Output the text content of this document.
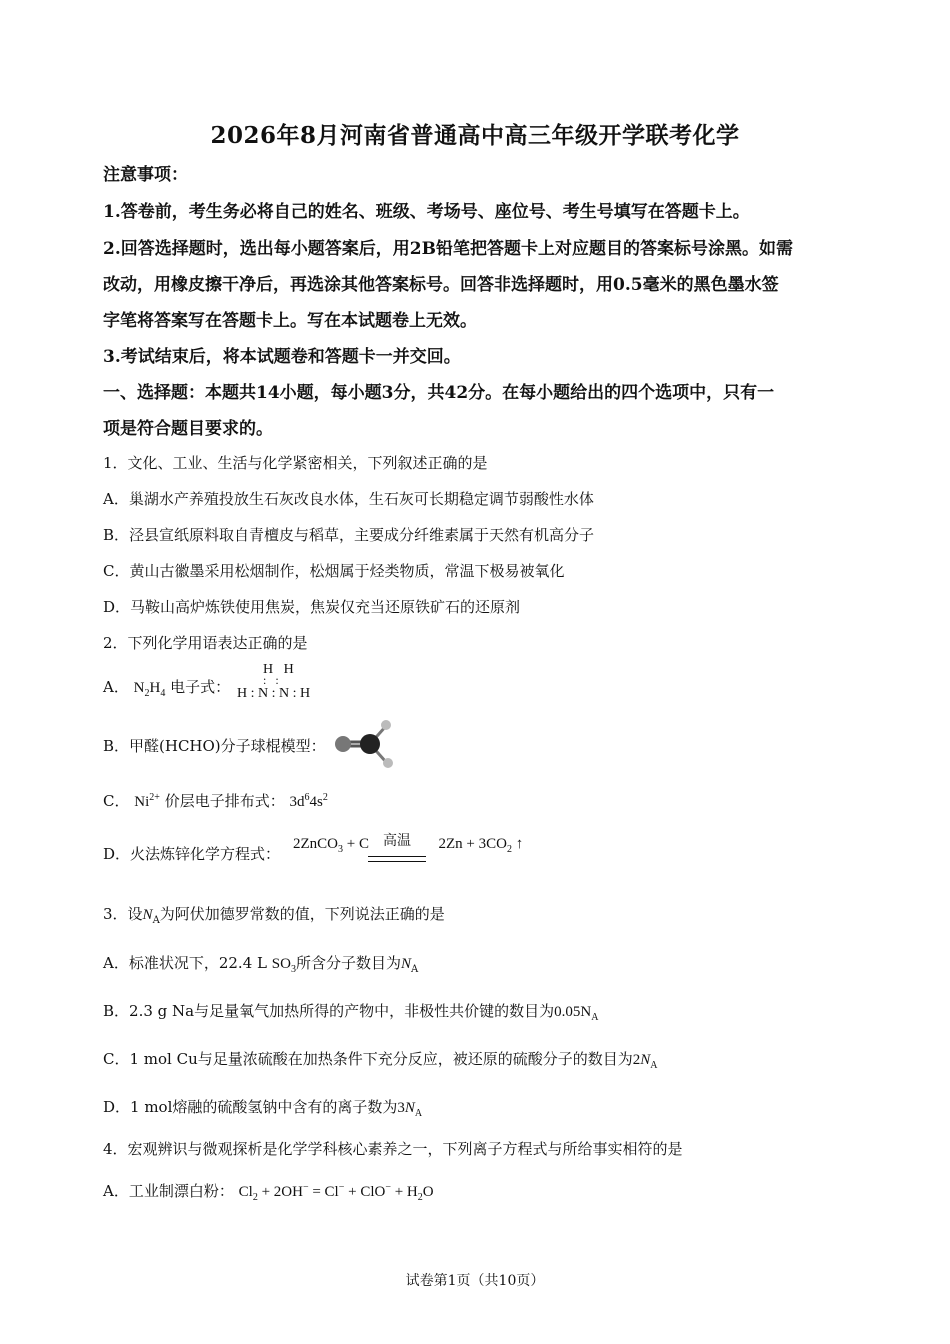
2026年8月河南省普通高中高三年级开学联考化学
注意事项：
1.答卷前，考生务必将自己的姓名、班级、考场号、座位号、考生号填写在答题卡上。
2.回答选择题时，选出每小题答案后，用2B铅笔把答题卡上对应题目的答案标号涂黑。如需
改动，用橡皮擦干净后，再选涂其他答案标号。回答非选择题时，用0.5毫米的黑色墨水签
字笔将答案写在答题卡上。写在本试题卷上无效。
3.考试结束后，将本试题卷和答题卡一并交回。
一、选择题：本题共14小题，每小题3分，共42分。在每小题给出的四个选项中，只有一
项是符合题目要求的。
1．文化、工业、生活与化学紧密相关，下列叙述正确的是
A．巢湖水产养殖投放生石灰改良水体，生石灰可长期稳定调节弱酸性水体
B．泾县宣纸原料取自青檀皮与稻草，主要成分纤维素属于天然有机高分子
C．黄山古徽墨采用松烟制作，松烟属于烃类物质，常温下极易被氧化
D．马鞍山高炉炼铁使用焦炭，焦炭仅充当还原铁矿石的还原剂
2．下列化学用语表达正确的是
A． $N_2H_4$ 电子式：
H   H
:   :
H : N : N : H
B．甲醛(HCHO)分子球棍模型：
C． $Ni^{2+}$ 价层电子排布式： $3d^64s^2$
D．火法炼锌化学方程式：
2ZnCO$_3$ + C	$2Zn + 3CO_2$ ↑
高温
3．设$N_A$为阿伏加德罗常数的值，下列说法正确的是
A．标准状况下，22.4 L $SO_3$所含分子数目为$N_A$
B．2.3 g Na与足量氧气加热所得的产物中，非极性共价键的数目为$0.05N_A$
C．1 mol Cu与足量浓硫酸在加热条件下充分反应，被还原的硫酸分子的数目为$2N_A$
D．1 mol熔融的硫酸氢钠中含有的离子数为$3N_A$
4．宏观辨识与微观探析是化学学科核心素养之一，下列离子方程式与所给事实相符的是
A．工业制漂白粉： $Cl_2 + 2OH^- = Cl^- + ClO^- + H_2O$
试卷第1页（共10页）
